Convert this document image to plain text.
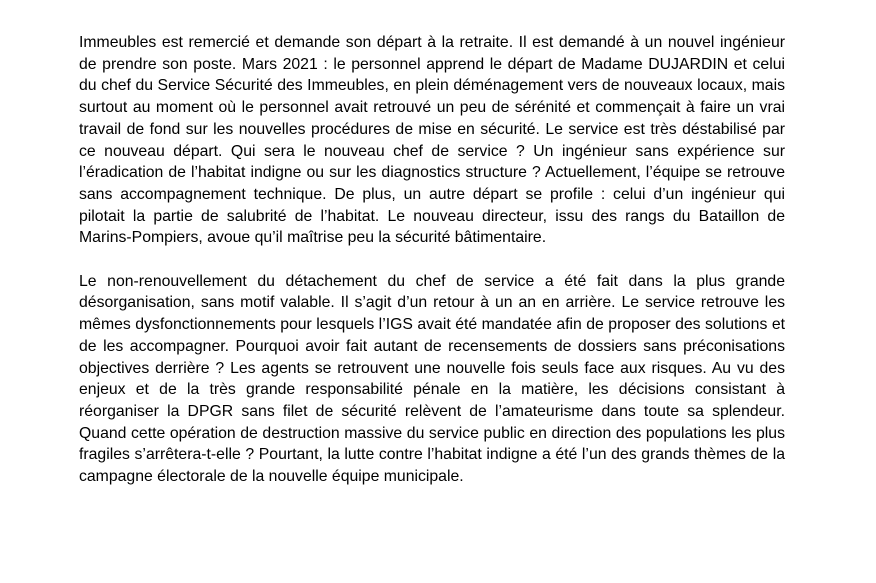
Immeubles est remercié et demande son départ à la retraite. Il est demandé à un nouvel ingénieur de prendre son poste. Mars 2021 : le personnel apprend le départ de Madame DUJARDIN et celui du chef du Service Sécurité des Immeubles, en plein déménagement vers de nouveaux locaux, mais surtout au moment où le personnel avait retrouvé un peu de sérénité et commençait à faire un vrai travail de fond sur les nouvelles procédures de mise en sécurité. Le service est très déstabilisé par ce nouveau départ. Qui sera le nouveau chef de service ? Un ingénieur sans expérience sur l’éradication de l’habitat indigne ou sur les diagnostics structure ? Actuellement, l’équipe se retrouve sans accompagnement technique. De plus, un autre départ se profile : celui d’un ingénieur qui pilotait la partie de salubrité de l’habitat. Le nouveau directeur, issu des rangs du Bataillon de Marins-Pompiers, avoue qu’il maîtrise peu la sécurité bâtimentaire.

Le non-renouvellement du détachement du chef de service a été fait dans la plus grande désorganisation, sans motif valable. Il s’agit d’un retour à un an en arrière. Le service retrouve les mêmes dysfonctionnements pour lesquels l’IGS avait été mandatée afin de proposer des solutions et de les accompagner. Pourquoi avoir fait autant de recensements de dossiers sans préconisations objectives derrière ? Les agents se retrouvent une nouvelle fois seuls face aux risques. Au vu des enjeux et de la très grande responsabilité pénale en la matière, les décisions consistant à réorganiser la DPGR sans filet de sécurité relèvent de l’amateurisme dans toute sa splendeur. Quand cette opération de destruction massive du service public en direction des populations les plus fragiles s’arrêtera-t-elle ? Pourtant, la lutte contre l’habitat indigne a été l’un des grands thèmes de la campagne électorale de la nouvelle équipe municipale.
